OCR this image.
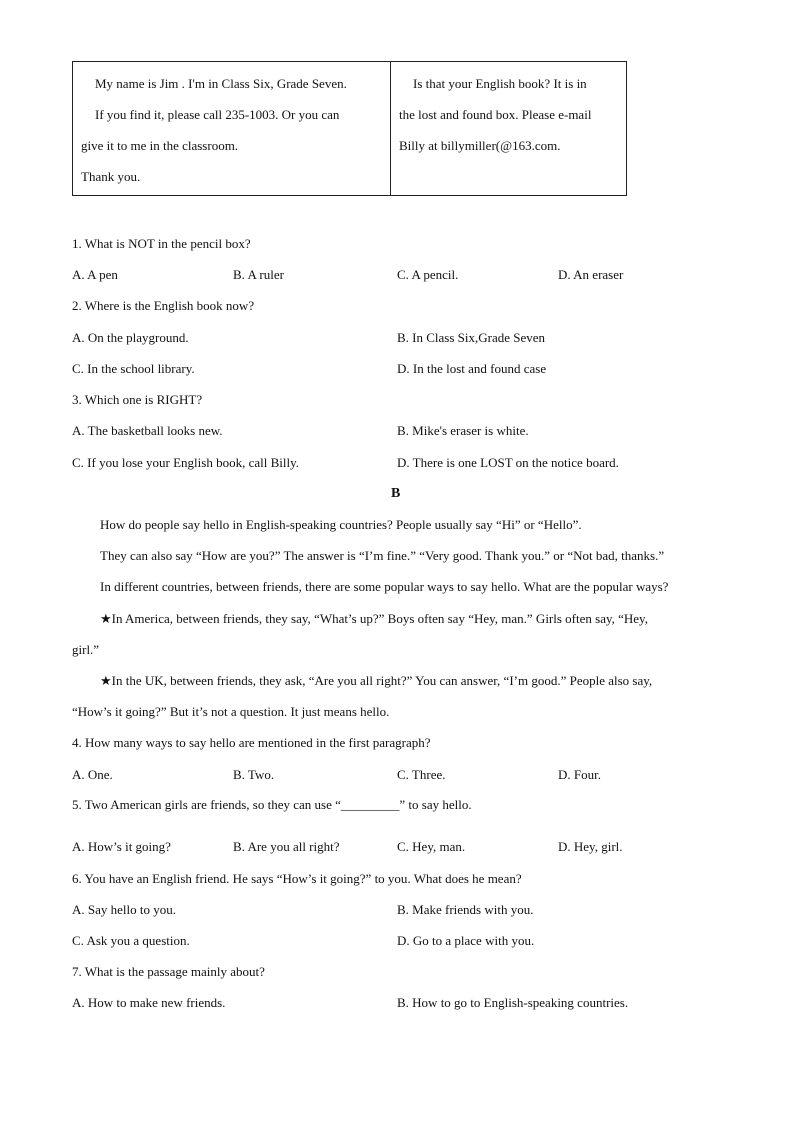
My name is Jim . I'm in Class Six, Grade Seven.
If you find it, please call 235-1003. Or you can
give it to me in the classroom.
Thank you.
Is that your English book? It is in
the lost and found box. Please e-mail
Billy at billymiller(@163.com.
1. What is NOT in the pencil box?
A. A pen	B. A ruler	C. A pencil.	D. An eraser
2. Where is the English book now?
A. On the playground.	B. In Class Six,Grade Seven
C. In the school library.	D. In the lost and found case
3. Which one is RIGHT?
A. The basketball looks new.	B. Mike's eraser is white.
C. If you lose your English book, call Billy.	D. There is one LOST on the notice board.
B
How do people say hello in English-speaking countries? People usually say “Hi” or “Hello”.
They can also say “How are you?” The answer is “I’m fine.” “Very good. Thank you.” or “Not bad, thanks.”
In different countries, between friends, there are some popular ways to say hello. What are the popular ways?
★In America, between friends, they say, “What’s up?” Boys often say “Hey, man.” Girls often say, “Hey,
girl.”
★In the UK, between friends, they ask, “Are you all right?” You can answer, “I’m good.” People also say,
“How’s it going?” But it’s not a question. It just means hello.
4. How many ways to say hello are mentioned in the first paragraph?
A. One.	B. Two.	C. Three.	D. Four.
5. Two American girls are friends, so they can use “_________” to say hello.
A. How’s it going?	B. Are you all right?	C. Hey, man.	D. Hey, girl.
6. You have an English friend. He says “How’s it going?” to you. What does he mean?
A. Say hello to you.	B. Make friends with you.
C. Ask you a question.	D. Go to a place with you.
7. What is the passage mainly about?
A. How to make new friends.	B. How to go to English-speaking countries.
